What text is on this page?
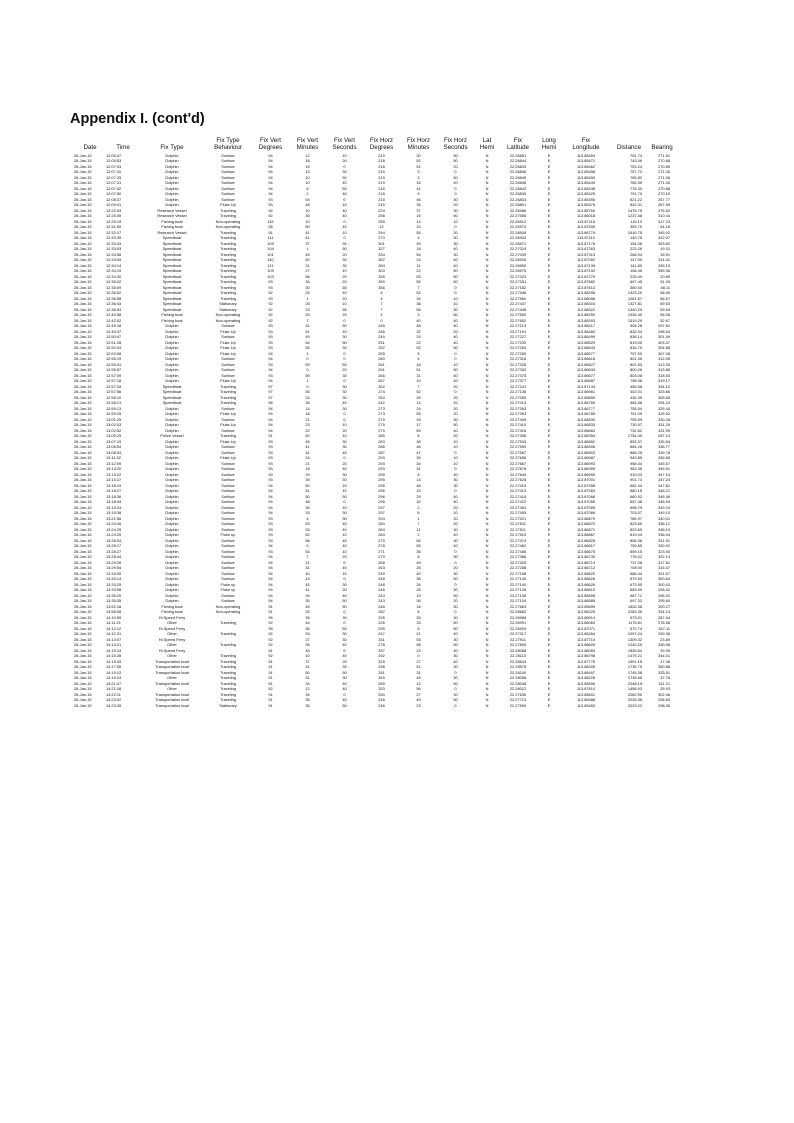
Appendix I. (cont'd)
			Fix Type	Fix Vert	Fix Vert	Fix Vert	Fix Horz	Fix Horz	Fix Horz	Lat	Fix	Long	Fix		
Date	Time	Fix Type	Behaviour	Degrees	Minutes	Seconds	Degrees	Minutes	Seconds	Hemi	Latitude	Hemi	Longitude	Distance	Bearing
26-Jan-15	12:05:47	Dolphin	Surface	94	12	10	219	30	50	N	22.26851	E	113.85454	751.74	271.51
26-Jan-15	12:05:53	Dolphin	Surface	94	18	20	218	52	50	N	22.26844	E	113.85471	743.46	270.88
26-Jan-15	12:07:03	Dolphin	Surface	94	15	0	218	51	20	N	22.26843	E	113.85462	753.24	270.85
26-Jan-15	12:07:10	Dolphin	Surface	94	13	30	219	3	0	N	22.26846	E	113.85458	757.72	271.05
26-Jan-15	12:07:25	Dolphin	Surface	94	10	50	219	3	50	N	22.26845	E	113.85450	765.82	271.06
26-Jan-15	12:07:31	Dolphin	Surface	94	10	40	219	15	40	N	22.26848	E	113.85449	765.35	271.26
26-Jan-15	12:07:42	Dolphin	Surface	94	6	50	218	41	0	N	22.26842	E	113.85438	776.30	270.88
26-Jan-15	12:07:50	Dolphin	Surface	94	2	40	218	9	0	N	22.26835	E	113.85425	791.70	270.15
26-Jan-15	12:08:37	Dolphin	Surface	93	54	0	215	46	30	N	22.26803	E	113.85395	821.22	267.77
26-Jan-15	12:09:41	Dolphin	Fluke Up	93	48	10	215	35	20	N	22.26801	E	113.85375	842.31	267.59
26-Jan-15	12:22:53	Research Vessel	Traveling	92	10	40	224	37	30	N	22.26986	E	113.85769	1475.75	276.52
26-Jan-15	12:25:40	Research Vessel	Traveling	92	35	40	256	15	50	N	22.27556	E	113.86018	1237.48	310.44
26-Jan-15	12:29:19	Fishing boat	Non-operating	115	10	0	255	14	10	N	22.26912	E	113.87116	119.10	317.23
26-Jan-15	12:31:59	Fishing boat	Non-operating	98	50	40	12	10	0	N	22.26974	E	113.87509	359.70	64.16
26-Jan-15	12:32:17	Research Vessel	Traveling	91	41	10	294	55	20	N	22.28508	E	113.86774	1910.75	345.92
26-Jan-15	12:33:35	Speedboat	Traveling	111	41	0	270	4	30	N	22.26933	E	113.87110	140.75	322.07
26-Jan-15	12:33:43	Speedboat	Traveling	103	37	30	301	49	30	N	22.26971	E	113.87178	154.06	353.82
26-Jan-15	12:33:53	Speedboat	Traveling	104	1	50	327	18	40	N	22.27024	E	113.87263	223.26	19.31
26-Jan-15	12:33:58	Speedboat	Traveling	101	45	20	334	54	30	N	22.27049	E	113.87313	268.94	26.91
26-Jan-15	12:34:09	Speedboat	Traveling	110	50	30	352	24	40	N	22.26926	E	113.87092	147.00	314.41
26-Jan-15	12:34:14	Speedboat	Traveling	111	31	30	284	11	40	N	22.26950	E	113.87139	141.89	335.19
26-Jan-15	12:34:19	Speedboat	Traveling	109	27	10	303	22	50	N	22.26975	E	113.87192	158.45	355.36
26-Jan-15	12:34:30	Speedboat	Traveling	103	58	20	326	53	50	N	22.27023	E	113.87279	225.49	20.89
26-Jan-15	12:35:02	Speedboat	Traveling	93	34	20	359	55	50	N	22.27331	E	113.87682	697.45	51.93
26-Jan-15	12:35:09	Speedboat	Traveling	93	30	50	356	7	0	N	22.27182	E	113.87614	580.00	48.11
26-Jan-15	12:35:52	Speedboat	Traveling	92	25	40	6	52	0	N	22.27446	E	113.88296	1323.20	58.80
26-Jan-15	12:35:58	Speedboat	Traveling	93	1	20	4	34	10	N	22.27560	E	113.88056	1061.57	56.57
26-Jan-15	12:36:43	Speedboat	Stationary	92	25	10	7	38	10	N	22.27437	E	113.88303	1327.81	59.53
26-Jan-15	12:36:53	Speedboat	Stationary	92	23	50	7	58	30	N	22.27445	E	113.88322	1340.20	59.94
26-Jan-15	12:40:58	Fishing boat	Non-operating	92	25	20	4	3	50	N	22.27500	E	113.88250	1326.40	56.06
26-Jan-15	12:42:02	Fishing boat	Non-operating	92	7	0	0	40	40	N	22.27652	E	113.88393	1519.29	52.67
26-Jan-15	12:49:18	Dolphin	Surface	93	32	50	245	48	40	N	22.27213	E	113.86417	904.28	297.81
26-Jan-15	12:49:37	Dolphin	Fluke Up	93	51	10	246	32	20	N	22.27191	E	113.86484	832.04	298.54
26-Jan-15	12:50:47	Dolphin	Surface	93	49	30	249	29	40	N	22.27227	E	113.86499	838.14	301.49
26-Jan-15	12:51:28	Dolphin	Fluke Up	93	54	50	251	22	40	N	22.27239	E	113.86529	819.05	303.37
26-Jan-15	12:52:04	Dolphin	Fluke Up	93	55	30	252	52	50	N	22.27254	E	113.86543	816.70	304.88
26-Jan-15	12:53:08	Dolphin	Fluke Up	94	1	0	255	5	0	N	22.27265	E	113.86577	797.59	307.08
26-Jan-15	12:55:19	Dolphin	Surface	94	0	0	260	4	0	N	22.27316	E	113.86616	801.35	312.05
26-Jan-15	12:55:41	Dolphin	Surface	93	59	50	261	18	10	N	22.27328	E	113.86627	801.93	313.30
26-Jan-15	12:55:57	Dolphin	Surface	94	0	20	261	51	50	N	22.27332	E	113.86633	800.26	313.88
26-Jan-15	12:57:09	Dolphin	Surface	93	59	30	266	31	50	N	22.27375	E	113.86677	803.08	318.53
26-Jan-15	12:57:18	Dolphin	Fluke Up	94	1	0	267	10	40	N	22.27377	E	113.86687	798.06	319.17
26-Jan-15	12:57:34	Speedboat	Traveling	97	0	30	302	7	20	N	22.27241	E	113.87143	455.58	354.12
26-Jan-15	12:57:56	Speedboat	Traveling	97	55	30	274	52	0	N	22.27136	E	113.86961	402.01	325.86
26-Jan-15	12:58:10	Speedboat	Traveling	97	24	30	254	39	20	N	22.27055	E	113.86859	430.39	305.65
26-Jan-15	12:58:21	Speedboat	Traveling	96	35	40	242	14	20	N	22.27013	E	113.86765	484.48	294.24
26-Jan-15	12:59:13	Dolphin	Surface	94	14	30	273	24	20	N	22.27393	E	113.86777	755.54	325.40
26-Jan-15	12:59:25	Dolphin	Fluke Up	94	18	0	273	55	20	N	22.27393	E	113.86785	751.09	325.92
26-Jan-15	13:01:25	Dolphin	Surface	94	21	0	279	15	30	N	22.27409	E	113.86830	755.59	330.26
26-Jan-15	13:02:03	Dolphin	Fluke Up	94	23	10	279	17	50	N	22.27410	E	113.86833	730.57	331.29
26-Jan-15	13:02:52	Dolphin	Surface	94	22	20	279	59	40	N	22.27416	E	113.86860	732.82	331.99
26-Jan-15	13:05:29	Police Vessel	Traveling	91	50	10	285	8	20	N	22.27396	E	113.86354	1754.40	287.14
26-Jan-15	13:07:19	Dolphin	Fluke Up	93	45	30	283	38	20	N	22.27533	E	113.86852	853.37	335.54
26-Jan-15	13:08:54	Dolphin	Surface	93	41	30	286	46	10	N	22.27559	E	113.86906	864.26	338.77
26-Jan-15	13:08:54	Dolphin	Surface	93	41	40	287	47	0	N	22.27567	E	113.86903	868.25	339.78
26-Jan-15	13:11:32	Dolphin	Fluke Up	93	24	0	293	39	10	N	22.27656	E	113.86987	943.85	345.65
26-Jan-15	13:12:09	Dolphin	Surface	93	21	20	293	34	10	N	22.27667	E	113.86993	958.44	345.57
26-Jan-15	13:13:20	Dolphin	Surface	93	18	40	293	31	0	N	22.27678	E	113.86959	963.35	345.51
26-Jan-15	13:15:22	Dolphin	Surface	93	29	30	295	8	40	N	22.27640	E	113.86995	919.03	347.14
26-Jan-15	13:15:27	Dolphin	Surface	93	39	30	295	14	30	N	22.27625	E	113.87001	901.73	347.24
26-Jan-15	13:18:19	Dolphin	Surface	94	50	10	295	48	30	N	22.27415	E	113.87058	662.44	347.81
26-Jan-15	13:18:27	Dolphin	Surface	94	51	10	296	15	0	N	22.27413	E	113.87063	660.15	348.21
26-Jan-15	13:18:36	Dolphin	Surface	94	50	50	296	29	40	N	22.27415	E	113.87066	660.92	348.49
26-Jan-15	13:18:44	Dolphin	Surface	94	48	0	296	32	40	N	22.27422	E	113.87055	657.46	348.54
26-Jan-15	13:19:24	Dolphin	Surface	94	35	10	297	2	20	N	22.27451	E	113.87065	698.79	349.24
26-Jan-15	13:19:38	Dolphin	Surface	94	33	30	297	6	10	N	22.27455	E	113.87066	703.07	349.10
26-Jan-15	13:21:58	Dolphin	Surface	93	4	30	294	1	20	N	22.27521	E	113.86870	786.97	340.01
26-Jan-15	13:24:16	Dolphin	Surface	93	53	40	284	7	20	N	22.27511	E	113.86870	823.69	336.12
26-Jan-15	13:24:25	Dolphin	Surface	93	53	40	284	11	30	N	22.27511	E	113.86871	823.69	336.19
26-Jan-15	13:24:25	Dolphin	Fluke up	93	52	10	284	2	40	N	22.27515	E	113.86867	819.04	336.04
26-Jan-15	13:26:04	Dolphin	Surface	93	58	40	279	54	30	N	22.27474	E	113.86825	806.38	331.91
26-Jan-15	13:26:17	Dolphin	Surface	94	0	40	278	55	40	N	22.27462	E	113.86817	799.85	330.92
26-Jan-15	13:28:27	Dolphin	Surface	93	54	10	271	35	0	N	22.27485	E	113.86675	899.15	323.50
26-Jan-15	13:28:44	Dolphin	Surface	94	7	20	270	8	50	N	22.27386	E	113.86730	778.02	322.14
26-Jan-15	13:29:26	Dolphin	Surface	94	21	0	265	49	0	N	22.27325	E	113.86713	737.08	317.81
26-Jan-15	13:29:54	Dolphin	Surface	94	31	40	263	28	20	N	22.27288	E	113.86712	708.00	315.47
26-Jan-15	13:33:05	Dolphin	Surface	94	40	10	249	40	30	N	22.27198	E	113.86620	686.44	301.67
26-Jan-15	13:33:14	Dolphin	Surface	94	43	0	248	38	50	N	22.27145	E	113.86626	679.53	300.64
26-Jan-15	13:33:25	Dolphin	Fluke up	94	45	30	248	26	0	N	22.27140	E	113.86626	673.55	300.43
26-Jan-15	13:33:58	Dolphin	Fluke up	94	41	20	246	25	30	N	22.27126	E	113.86610	683.59	298.42
26-Jan-15	13:35:20	Dolphin	Surface	94	39	40	244	19	50	N	22.27108	E	113.86595	687.71	296.31
26-Jan-15	13:35:35	Dolphin	Surface	94	35	50	243	36	20	N	22.27104	E	113.86585	697.32	295.60
26-Jan-15	13:52:18	Fishing boat	Non-operating	91	45	50	248	18	30	N	22.27663	E	113.85659	1826.38	300.27
26-Jan-15	13:58:08	Fishing boat	Non-operating	91	25	0	282	8	0	N	22.28682	E	113.86225	2283.35	334.13
26-Jan-15	14:10:59	Hi-Speed Ferry		95	35	30	295	26	30	N	22.26988	E	113.86914	573.01	287.44
26-Jan-15	14:11:21	Other	Traveling	92	44	0	226	33	50	N	22.26991	E	113.86063	1175.81	278.58
26-Jan-15	14:12:12	Hi-Speed Ferry		95	36	50	295	6	50	N	22.26929	E	113.87071	570.74	347.11
26-Jan-15	14:12:31	Other	Traveling	92	53	30	247	21	40	N	22.27317	E	113.86264	1097.24	299.36
26-Jan-15	14:14:07	Hi-Speed Ferry		92	27	30	331	53	30	N	22.27911	E	113.87710	1309.32	23.89
26-Jan-15	14:14:21	Other	Traveling	92	35	40	278	58	50	N	22.27809	E	113.86609	1240.25	330.98
26-Jan-15	14:15:14	Hi-Speed Ferry		91	45	0	337	23	40	N	22.28088	E	113.88083	1826.64	29.39
26-Jan-15	14:15:28	Other	Traveling	92	10	40	292	0	30	N	22.28113	E	113.86798	1479.21	344.01
26-Jan-15	14:15:43	Transportation boat	Traveling	91	37	20	325	27	40	N	22.28543	E	113.87775	1991.15	17.46
26-Jan-15	14:17:55	Transportation boat	Traveling	91	31	30	298	51	30	N	22.28576	E	113.86926	1735.79	350.86
26-Jan-15	14:19:12	Transportation boat	Traveling	91	50	50	281	31	0	N	22.28240	E	113.86497	1745.38	333.51
26-Jan-15	14:19:24	Other	Traveling	91	31	30	345	45	30	N	22.28058	E	113.88228	1735.65	37.76
26-Jan-15	14:21:07	Transportation boat	Traveling	91	34	40	259	12	50	N	22.28048	E	113.85696	2048.15	311.21
26-Jan-15	14:21:18	Other	Traveling	92	12	40	333	56	0	N	22.28012	E	113.87814	1456.93	25.93
26-Jan-15	14:22:11	Transportation boat	Traveling	91	34	0	250	27	30	N	22.27630	E	113.85601	2062.90	302.46
26-Jan-15	14:23:02	Transportation boat	Traveling	91	35	40	248	49	50	N	22.27713	E	113.85488	2026.56	298.83
26-Jan-15	14:23:35	Transportation boat	Stationary	91	35	50	246	23	0	N	22.27599	E	113.85453	2023.02	298.36
